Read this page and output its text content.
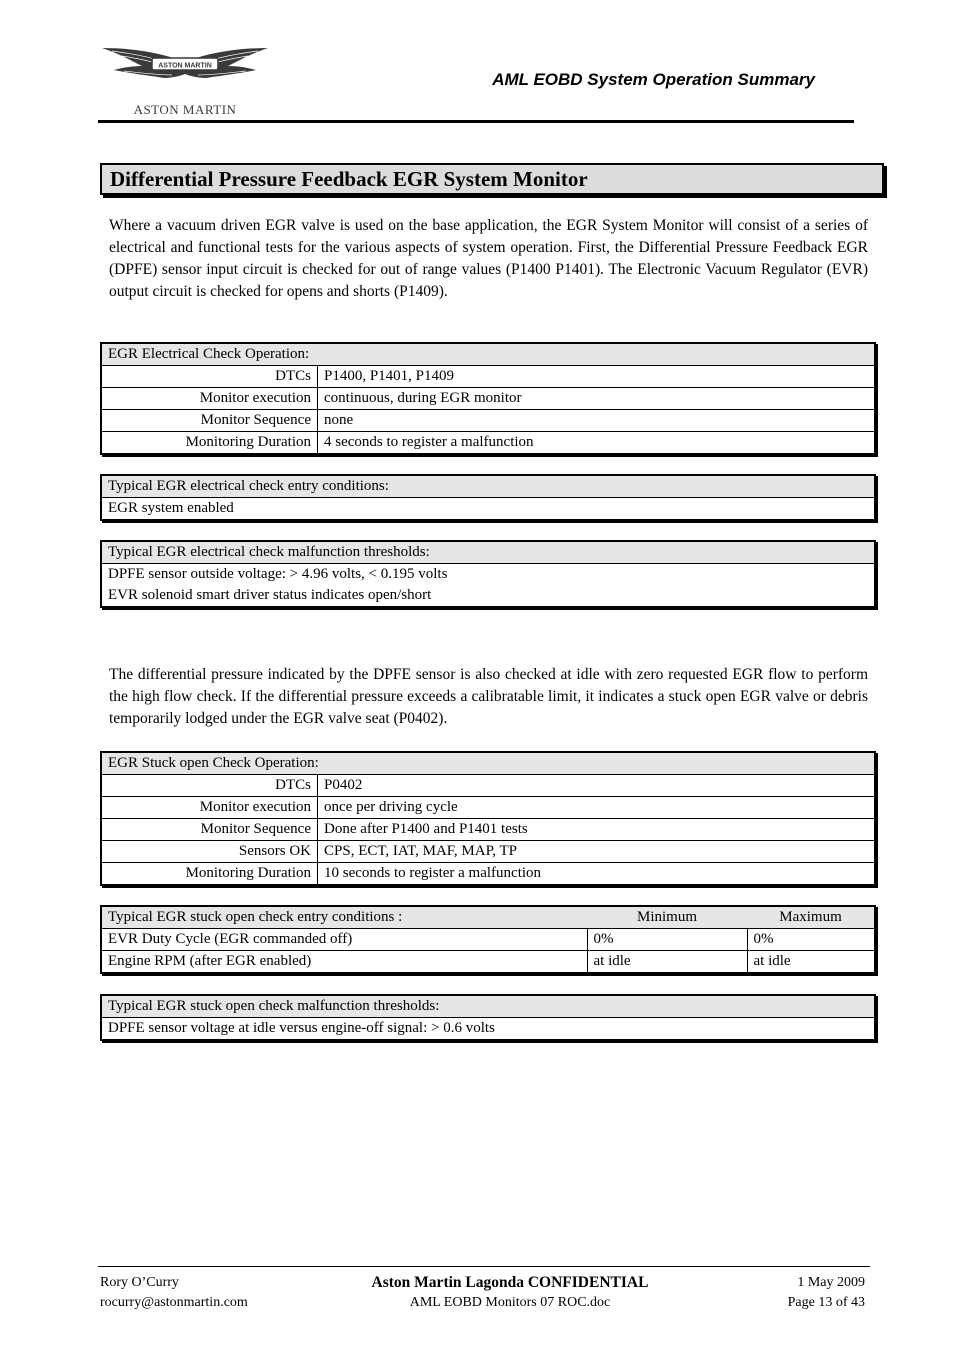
ASTON MARTIN
ASTON MARTIN
AML EOBD System Operation Summary
Differential Pressure Feedback EGR System Monitor
Where a vacuum driven EGR valve is used on the base application, the EGR System Monitor will consist of a series of electrical and functional tests for the various aspects of system operation. First, the Differential Pressure Feedback EGR (DPFE) sensor input circuit is checked for out of range values (P1400 P1401). The Electronic Vacuum Regulator (EVR) output circuit is checked for opens and shorts (P1409).
EGR Electrical Check Operation:	
DTCs	P1400, P1401, P1409
Monitor execution	continuous, during EGR monitor
Monitor Sequence	none
Monitoring Duration	4 seconds to register a malfunction
Typical EGR electrical check entry conditions:
EGR system enabled
Typical EGR electrical check malfunction thresholds:
DPFE sensor outside voltage: > 4.96 volts, < 0.195 volts
EVR solenoid smart driver status indicates open/short
The differential pressure indicated by the DPFE sensor is also checked at idle with zero requested EGR flow to perform the high flow check. If the differential pressure exceeds a calibratable limit, it indicates a stuck open EGR valve or debris temporarily lodged under the EGR valve seat (P0402).
EGR Stuck open Check Operation:	
DTCs	P0402
Monitor execution	once per driving cycle
Monitor Sequence	Done after P1400 and P1401 tests
Sensors OK	CPS, ECT, IAT, MAF, MAP, TP
Monitoring Duration	10 seconds to register a malfunction
Typical EGR stuck open check entry conditions :	Minimum	Maximum
EVR Duty Cycle (EGR commanded off)	0%	0%
Engine RPM (after EGR enabled)	at idle	at idle
Typical EGR stuck open check malfunction thresholds:
DPFE sensor voltage at idle versus engine-off signal: > 0.6 volts
Rory O’Curry
rocurry@astonmartin.com
Aston Martin Lagonda CONFIDENTIAL
AML EOBD Monitors 07 ROC.doc
1 May 2009
Page 13 of 43
